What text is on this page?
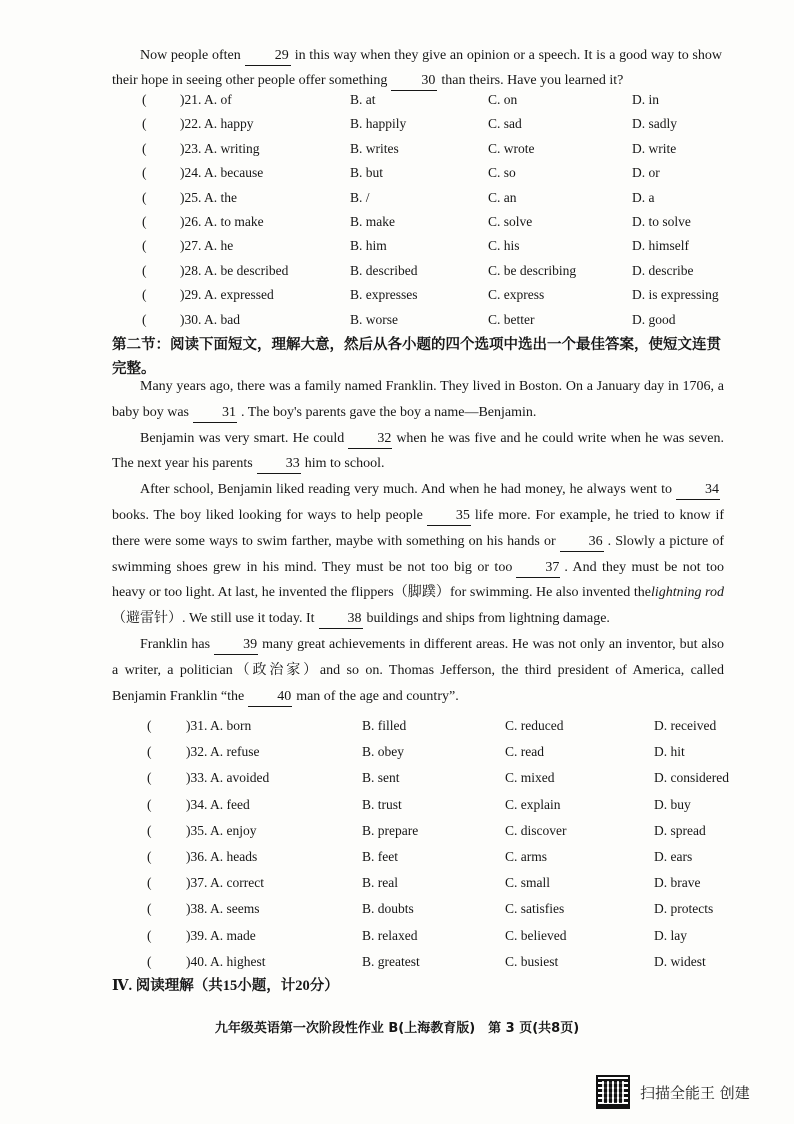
Now people often 29 in this way when they give an opinion or a speech. It is a good way to show their hope in seeing other people offer something 30 than theirs. Have you learned it?

( )21. A. of	B. at	C. on	D. in
( )22. A. happy	B. happily	C. sad	D. sadly
( )23. A. writing	B. writes	C. wrote	D. write
( )24. A. because	B. but	C. so	D. or
( )25. A. the	B. /	C. an	D. a
( )26. A. to make	B. make	C. solve	D. to solve
( )27. A. he	B. him	C. his	D. himself
( )28. A. be described	B. described	C. be describing	D. describe
( )29. A. expressed	B. expresses	C. express	D. is expressing
( )30. A. bad	B. worse	C. better	D. good
第二节：阅读下面短文，理解大意，然后从各小题的四个选项中选出一个最佳答案，使短文连贯完整。

Many years ago, there was a family named Franklin. They lived in Boston. On a January day in 1706, a baby boy was 31 . The boy's parents gave the boy a name—Benjamin.

Benjamin was very smart. He could 32 when he was five and he could write when he was seven. The next year his parents 33 him to school.

After school, Benjamin liked reading very much. And when he had money, he always went to 34books. The boy liked looking for ways to help people 35 life more. For example, he tried to know if there were some ways to swim farther, maybe with something on his hands or 36 . Slowly a picture of swimming shoes grew in his mind. They must be not too big or too 37 . And they must be not too heavy or too light. At last, he invented the flippers（脚蹼）for swimming. He also invented thelightning rod（避雷针）. We still use it today. It 38 buildings and ships from lightning damage.

Franklin has 39 many great achievements in different areas. He was not only an inventor, but also a writer, a politician（政治家）and so on. Thomas Jefferson, the third president of America, called Benjamin Franklin “the 40 man of the age and country”.

(	)31. A. born	B. filled	C. reduced	D. received
(	)32. A. refuse	B. obey	C. read	D. hit
(	)33. A. avoided	B. sent	C. mixed	D. considered
(	)34. A. feed	B. trust	C. explain	D. buy
(	)35. A. enjoy	B. prepare	C. discover	D. spread
(	)36. A. heads	B. feet	C. arms	D. ears
(	)37. A. correct	B. real	C. small	D. brave
(	)38. A. seems	B. doubts	C. satisfies	D. protects
(	)39. A. made	B. relaxed	C. believed	D. lay
(	)40. A. highest	B. greatest	C. busiest	D. widest
Ⅳ. 阅读理解（共15小题，计20分）
九年级英语第一次阶段性作业 B(上海教育版)　第 3 页(共8页)
扫描全能王 创建
